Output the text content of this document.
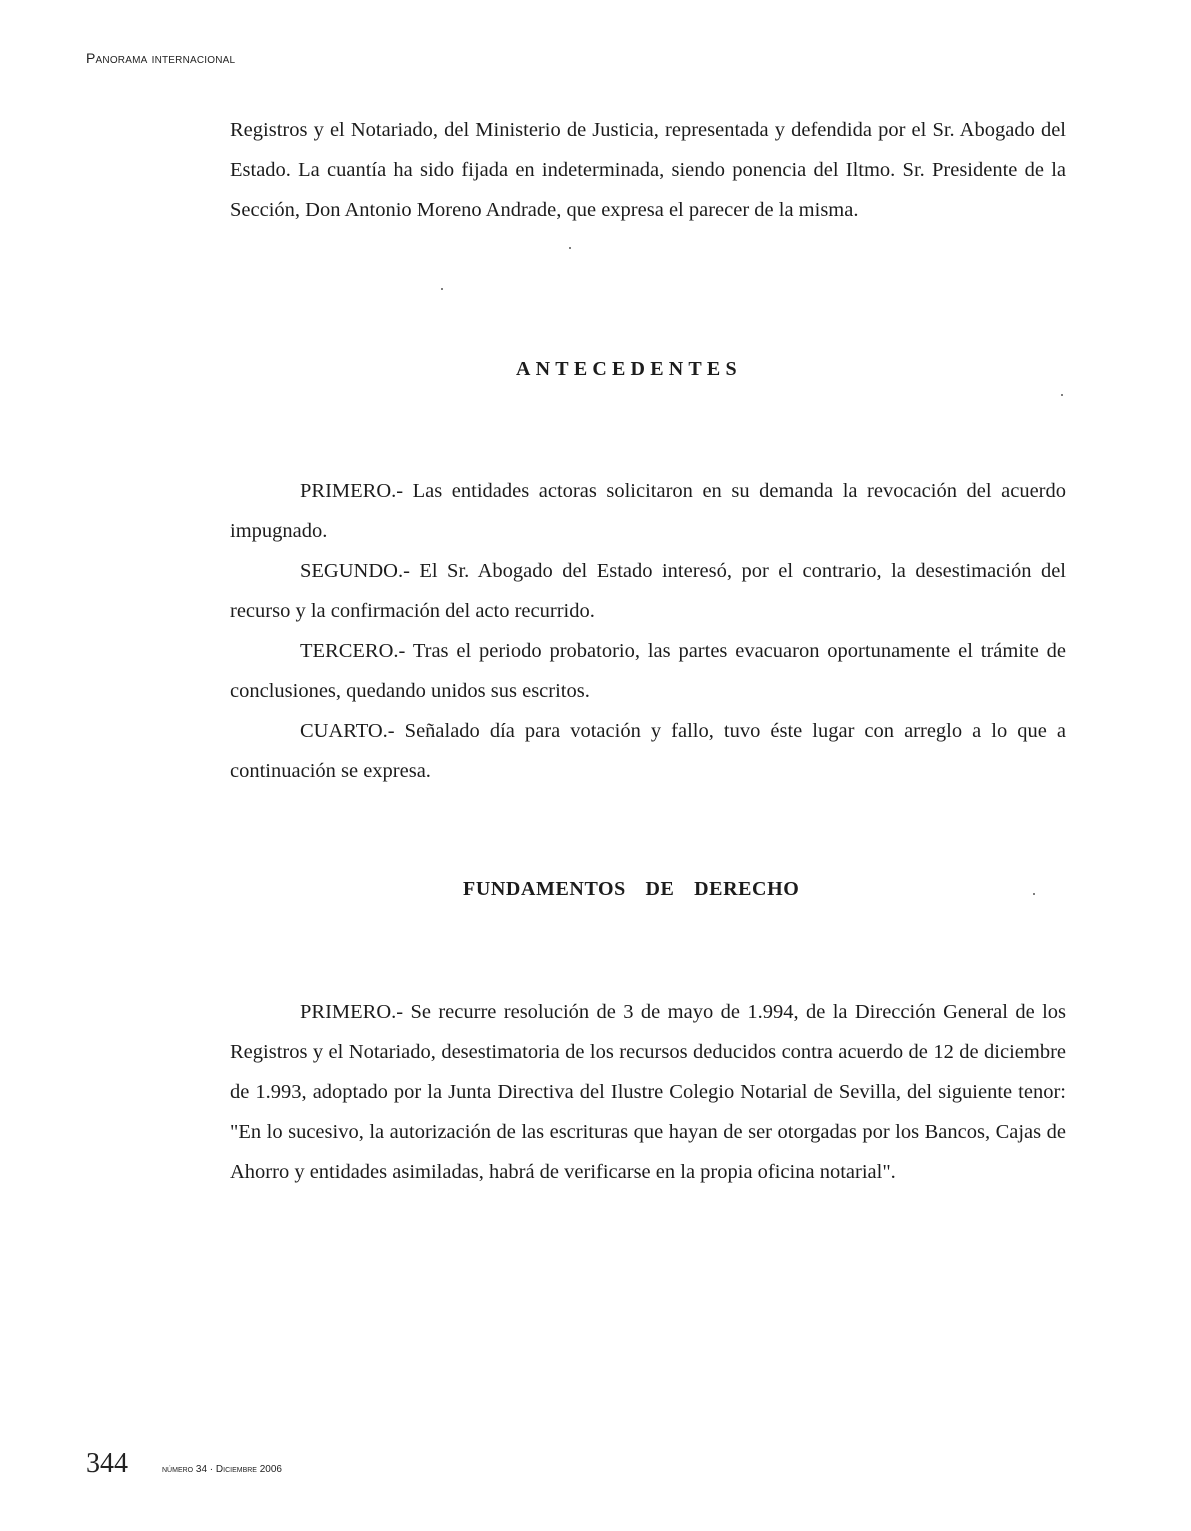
Panorama internacional

Registros y el Notariado, del Ministerio de Justicia, representada y defendida por el Sr. Abogado del Estado. La cuantía ha sido fijada en indeterminada, siendo ponencia del Iltmo. Sr. Presidente de la Sección, Don Antonio Moreno Andrade, que expresa el parecer de la misma.

ANTECEDENTES

PRIMERO.- Las entidades actoras solicitaron en su demanda la revocación del acuerdo impugnado.

SEGUNDO.- El Sr. Abogado del Estado interesó, por el contrario, la desestimación del recurso y la confirmación del acto recurrido.

TERCERO.- Tras el periodo probatorio, las partes evacuaron oportunamente el trámite de conclusiones, quedando unidos sus escritos.

CUARTO.- Señalado día para votación y fallo, tuvo éste lugar con arreglo a lo que a continuación se expresa.

FUNDAMENTOS DE DERECHO

PRIMERO.- Se recurre resolución de 3 de mayo de 1.994, de la Dirección General de los Registros y el Notariado, desestimatoria de los recursos deducidos contra acuerdo de 12 de diciembre de 1.993, adoptado por la Junta Directiva del Ilustre Colegio Notarial de Sevilla, del siguiente tenor: "En lo sucesivo, la autorización de las escrituras que hayan de ser otorgadas por los Bancos, Cajas de Ahorro y entidades asimiladas, habrá de verificarse en la propia oficina notarial".

344	número 34 · Diciembre 2006
